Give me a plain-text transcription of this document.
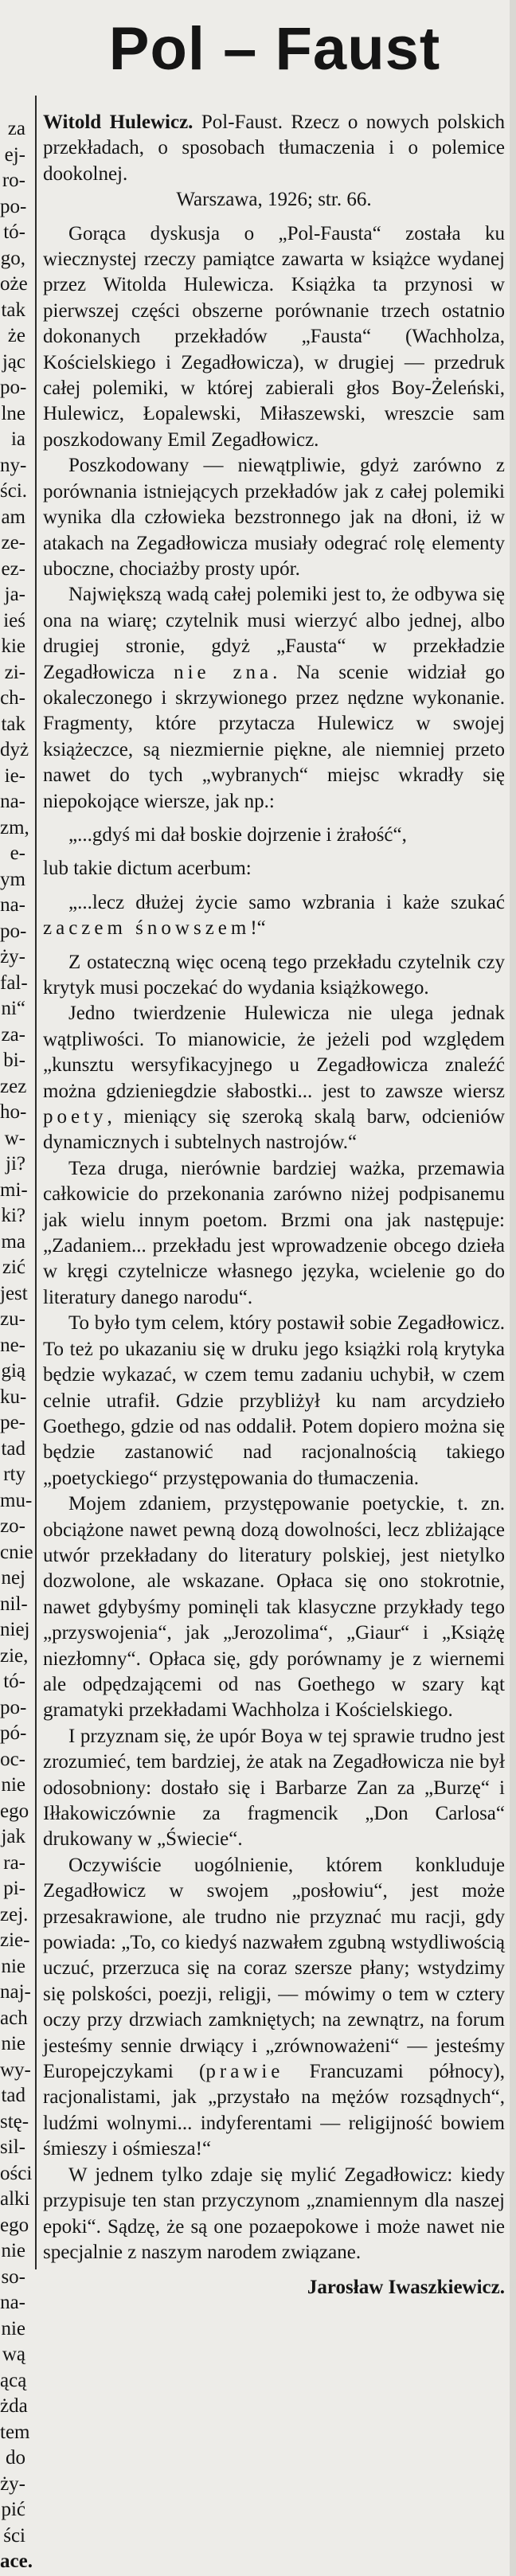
za
ej-
ro-
po-
tó-
go,
oże
tak
że
jąc
po-
lne
ia
ny-
ści.
am
ze-
ez-
ja-
ieś
kie
zi-
ch-
tak
dyż
ie-
na-
zm,
e-
ym
na-
po-
ży-
fal-
ni“
za-
bi-
zez
ho-
w-
ji?
mi-
ki?
ma
zić
jest
zu-
ne-
gią
ku-
pe-
tad
rty
mu-
zo-
cnie
nej
nil-
niej
zie,
tó-
po-
pó-
oc-
nie
ego
jak
ra-
pi-
zej.
zie-
nie
naj-
ach
nie
wy-
tad
stę-
sil-
ości
alki
ego
nie
so-
na-
nie
wą
ącą
żda
tem
do
ży-
pić
ści
ace.
Pol – Faust

Witold Hulewicz. Pol-Faust. Rzecz o nowych polskich przekładach, o sposobach tłumaczenia i o polemice dookolnej.
Warszawa, 1926; str. 66.

Gorąca dyskusja o „Pol-Fausta“ została ku wiecznystej rzeczy pamiątce zawarta w książce wydanej przez Witolda Hulewicza. Książka ta przynosi w pierwszej części obszerne porównanie trzech ostatnio dokonanych przekładów „Fausta“ (Wachholza, Kościelskiego i Zegadłowicza), w drugiej — przedruk całej polemiki, w której zabierali głos Boy-Żeleński, Hulewicz, Łopalewski, Miłaszewski, wreszcie sam poszkodowany Emil Zegadłowicz.

Poszkodowany — niewątpliwie, gdyż zarówno z porównania istniejących przekładów jak z całej polemiki wynika dla człowieka bezstronnego jak na dłoni, iż w atakach na Zegadłowicza musiały odegrać rolę elementy uboczne, chociażby prosty upór.

Największą wadą całej polemiki jest to, że odbywa się ona na wiarę; czytelnik musi wierzyć albo jednej, albo drugiej stronie, gdyż „Fausta“ w przekładzie Zegadłowicza nie zna. Na scenie widział go okaleczonego i skrzywionego przez nędzne wykonanie. Fragmenty, które przytacza Hulewicz w swojej książeczce, są niezmiernie piękne, ale niemniej przeto nawet do tych „wybranych“ miejsc wkradły się niepokojące wiersze, jak np.:

„...gdyś mi dał boskie dojrzenie i żrałość“,

lub takie dictum acerbum:

„...lecz dłużej życie samo wzbrania i każe szukać zaczem śnowszem!“

Z ostateczną więc oceną tego przekładu czytelnik czy krytyk musi poczekać do wydania książkowego.

Jedno twierdzenie Hulewicza nie ulega jednak wątpliwości. To mianowicie, że jeżeli pod względem „kunsztu wersyfikacyjnego u Zegadłowicza znaleźć można gdzieniegdzie słabostki... jest to zawsze wiersz poety, mieniący się szeroką skalą barw, odcieniów dynamicznych i subtelnych nastrojów.“

Teza druga, nierównie bardziej ważka, przemawia całkowicie do przekonania zarówno niżej podpisanemu jak wielu innym poetom. Brzmi ona jak następuje: „Zadaniem... przekładu jest wprowadzenie obcego dzieła w kręgi czytelnicze własnego języka, wcielenie go do literatury danego narodu“.

To było tym celem, który postawił sobie Zegadłowicz. To też po ukazaniu się w druku jego książki rolą krytyka będzie wykazać, w czem temu zadaniu uchybił, w czem celnie utrafił. Gdzie przybliżył ku nam arcydzieło Goethego, gdzie od nas oddalił. Potem dopiero można się będzie zastanowić nad racjonalnością takiego „poetyckiego“ przystępowania do tłumaczenia.

Mojem zdaniem, przystępowanie poetyckie, t. zn. obciążone nawet pewną dozą dowolności, lecz zbliżające utwór przekładany do literatury polskiej, jest nietylko dozwolone, ale wskazane. Opłaca się ono stokrotnie, nawet gdybyśmy pominęli tak klasyczne przykłady tego „przyswojenia“, jak „Jerozolima“, „Giaur“ i „Książę niezłomny“. Opłaca się, gdy porównamy je z wiernemi ale odpędzającemi od nas Goethego w szary kąt gramatyki przekładami Wachholza i Kościelskiego.

I przyznam się, że upór Boya w tej sprawie trudno jest zrozumieć, tem bardziej, że atak na Zegadłowicza nie był odosobniony: dostało się i Barbarze Zan za „Burzę“ i Iłłakowiczównie za fragmencik „Don Carlosa“ drukowany w „Świecie“.

Oczywiście uogólnienie, którem konkluduje Zegadłowicz w swojem „posłowiu“, jest może przesakrawione, ale trudno nie przyznać mu racji, gdy powiada: „To, co kiedyś nazwałem zgubną wstydliwością uczuć, przerzuca się na coraz szersze płany; wstydzimy się polskości, poezji, religji, — mówimy o tem w cztery oczy przy drzwiach zamkniętych; na zewnątrz, na forum jesteśmy sennie drwiący i „zrównoważeni“ — jesteśmy Europejczykami (prawie Francuzami północy), racjonalistami, jak „przystało na mężów rozsądnych“, ludźmi wolnymi... indyferentami — religijność bowiem śmieszy i ośmiesza!“

W jednem tylko zdaje się mylić Zegadłowicz: kiedy przypisuje ten stan przyczynom „znamiennym dla naszej epoki“. Sądzę, że są one pozaepokowe i może nawet nie specjalnie z naszym narodem związane.

Jarosław Iwaszkiewicz.
